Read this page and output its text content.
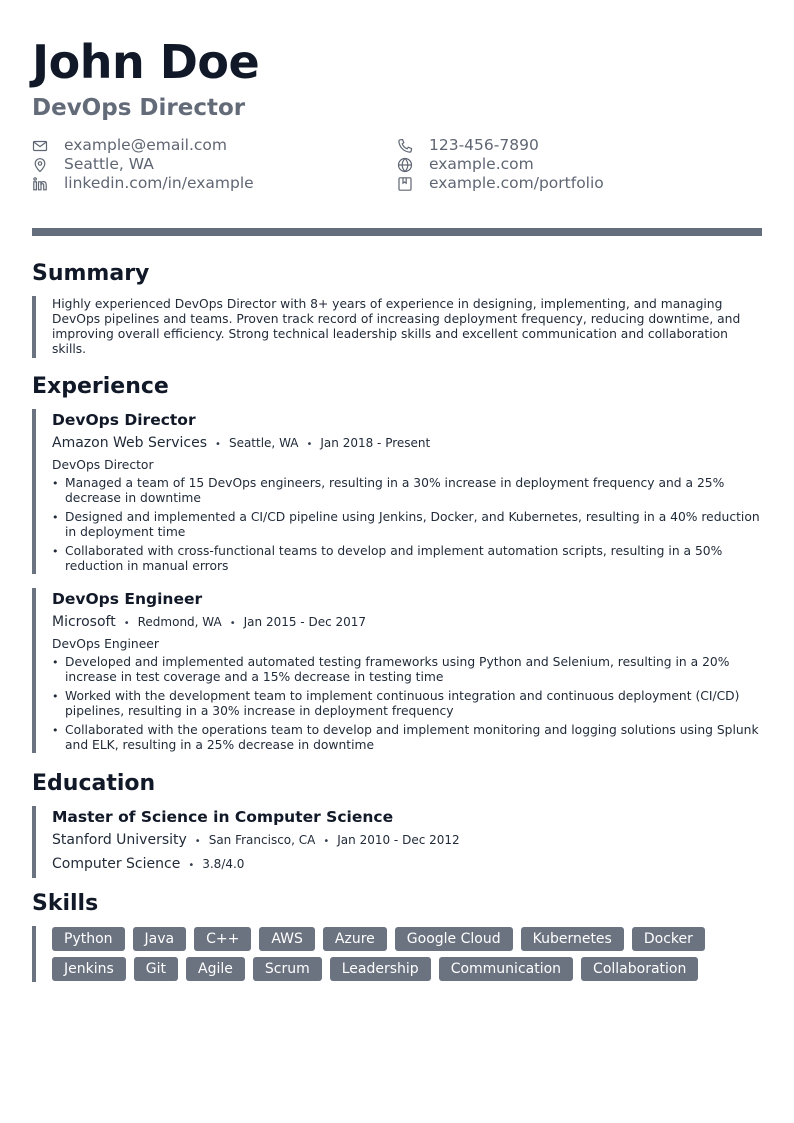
John Doe
DevOps Director
example@email.com
Seattle, WA
linkedin.com/in/example
123-456-7890
example.com
example.com/portfolio
Summary
Highly experienced DevOps Director with 8+ years of experience in designing, implementing, and managing DevOps pipelines and teams. Proven track record of increasing deployment frequency, reducing downtime, and improving overall efficiency. Strong technical leadership skills and excellent communication and collaboration skills.
Experience
DevOps Director
Amazon Web Services • Seattle, WA • Jan 2018 - Present
DevOps Director
• Managed a team of 15 DevOps engineers, resulting in a 30% increase in deployment frequency and a 25% decrease in downtime
• Designed and implemented a CI/CD pipeline using Jenkins, Docker, and Kubernetes, resulting in a 40% reduction in deployment time
• Collaborated with cross-functional teams to develop and implement automation scripts, resulting in a 50% reduction in manual errors
DevOps Engineer
Microsoft • Redmond, WA • Jan 2015 - Dec 2017
DevOps Engineer
• Developed and implemented automated testing frameworks using Python and Selenium, resulting in a 20% increase in test coverage and a 15% decrease in testing time
• Worked with the development team to implement continuous integration and continuous deployment (CI/CD) pipelines, resulting in a 30% increase in deployment frequency
• Collaborated with the operations team to develop and implement monitoring and logging solutions using Splunk and ELK, resulting in a 25% decrease in downtime
Education
Master of Science in Computer Science
Stanford University • San Francisco, CA • Jan 2010 - Dec 2012
Computer Science • 3.8/4.0
Skills
Python	Java	C++	AWS	Azure	Google Cloud	Kubernetes	Docker
Jenkins	Git	Agile	Scrum	Leadership	Communication	Collaboration
